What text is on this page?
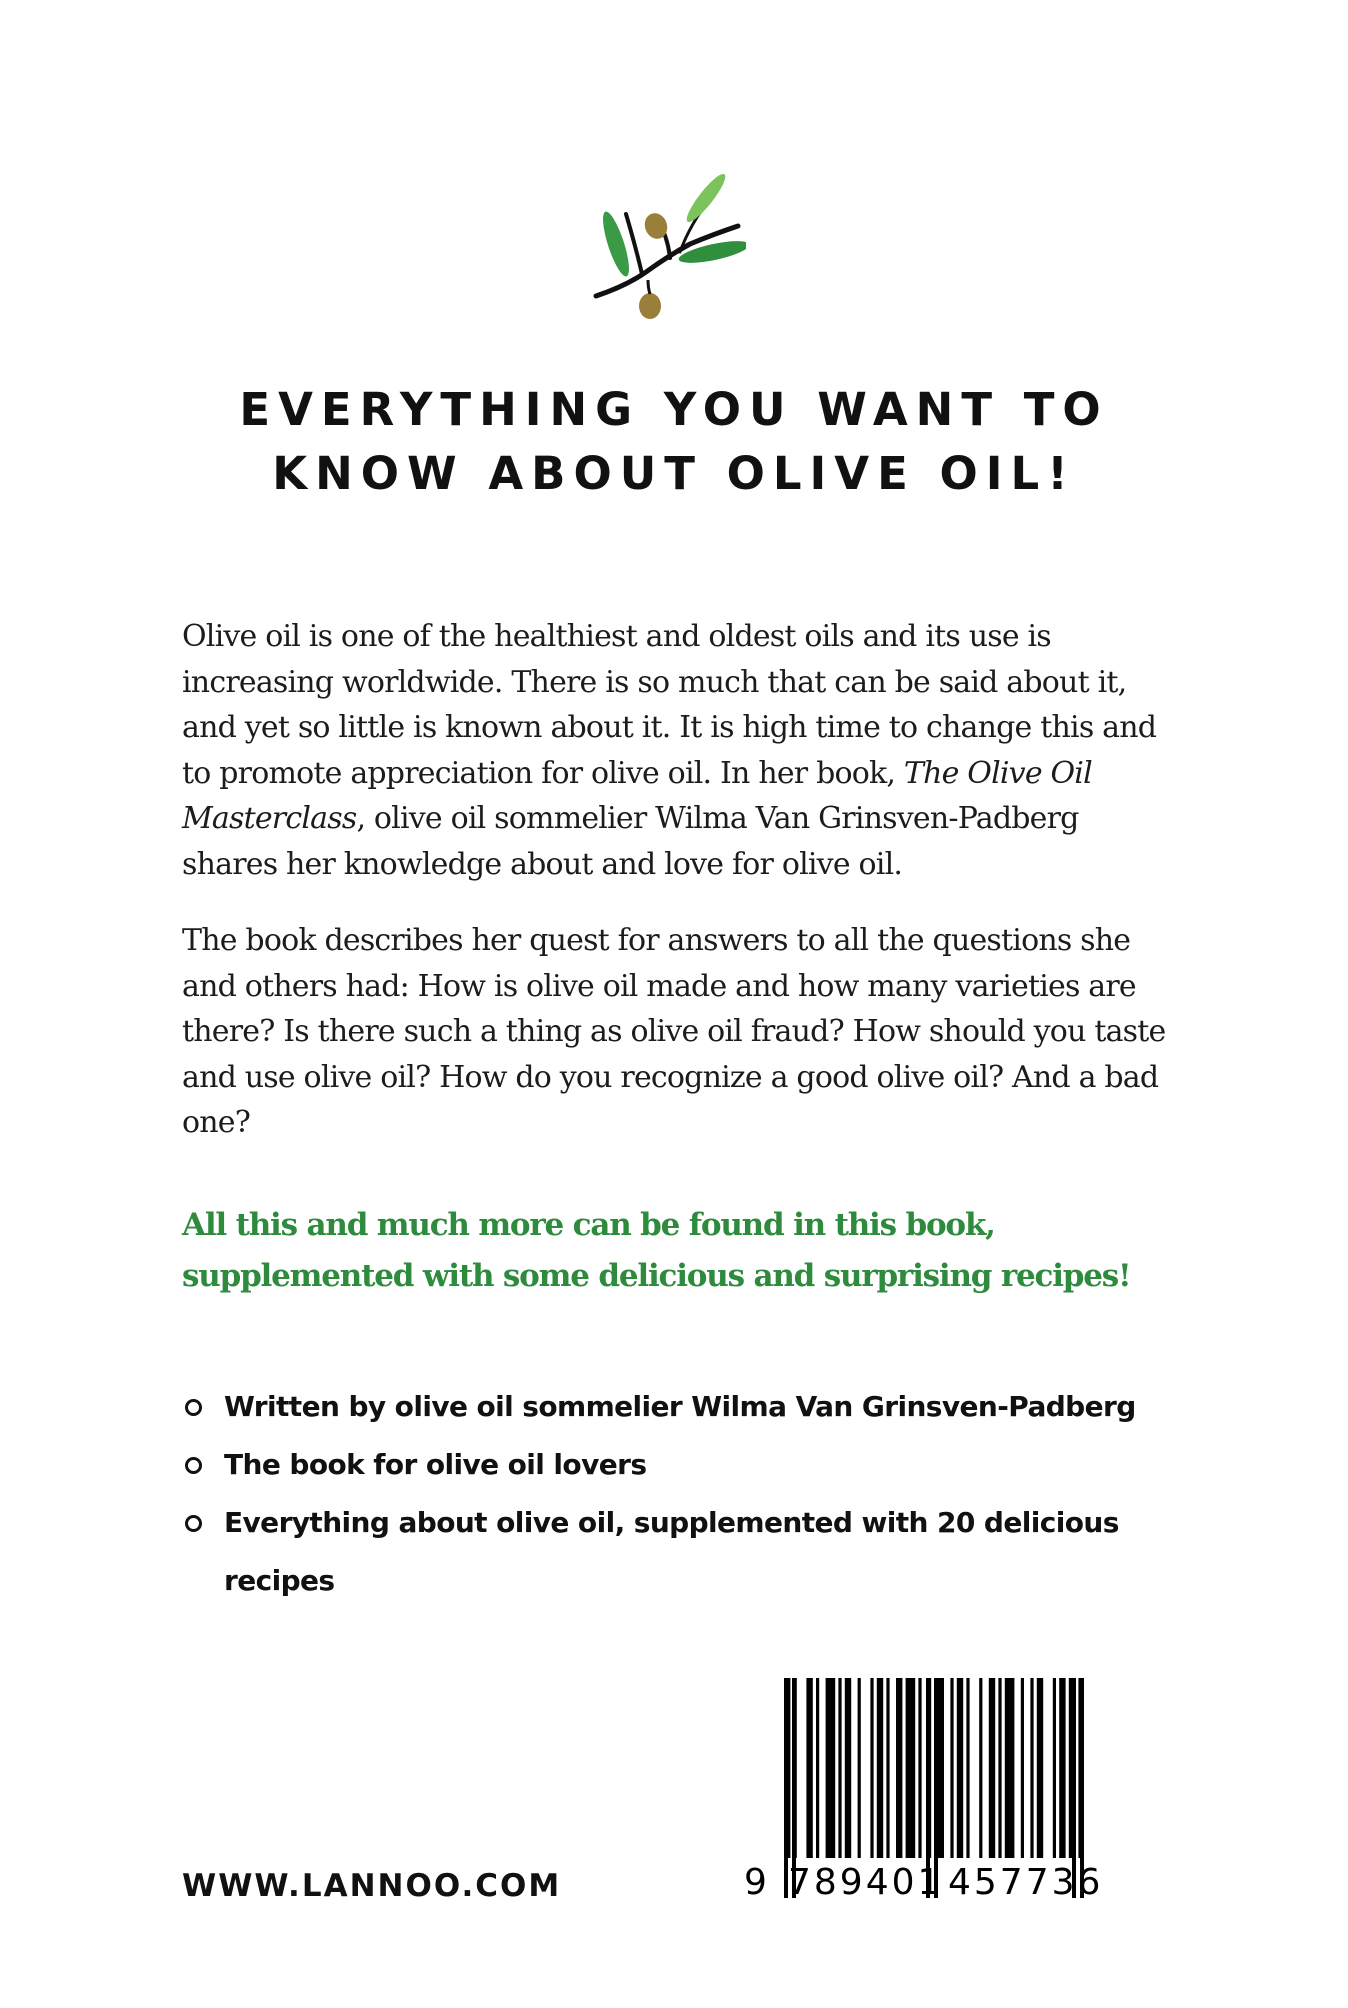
EVERYTHING YOU WANT TO
KNOW ABOUT OLIVE OIL!

Olive oil is one of the healthiest and oldest oils and its use is increasing worldwide. There is so much that can be said about it, and yet so little is known about it. It is high time to change this and to promote appreciation for olive oil. In her book, The Olive Oil Masterclass, olive oil sommelier Wilma Van Grinsven-Padberg shares her knowledge about and love for olive oil.

The book describes her quest for answers to all the questions she and others had: How is olive oil made and how many varieties are there? Is there such a thing as olive oil fraud? How should you taste and use olive oil? How do you recognize a good olive oil? And a bad one?

All this and much more can be found in this book,
supplemented with some delicious and surprising recipes!

Written by olive oil sommelier Wilma Van Grinsven-Padberg
The book for olive oil lovers
Everything about olive oil, supplemented with 20 delicious recipes
WWW.LANNOO.COM	9 789401 457736
